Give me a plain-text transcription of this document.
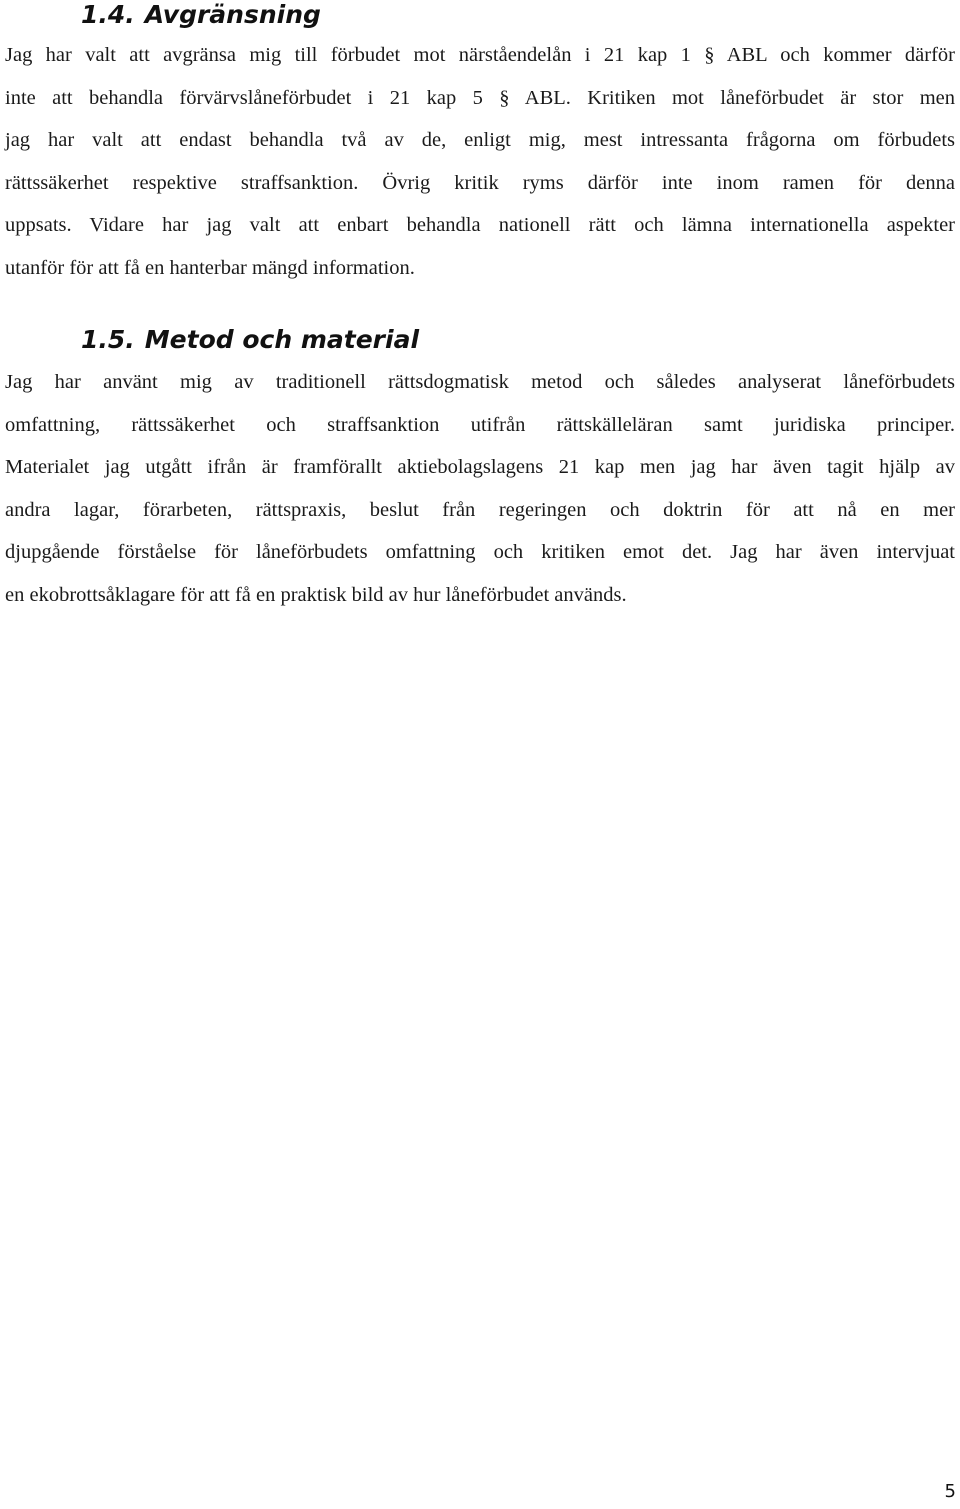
1.4. Avgränsning

Jag har valt att avgränsa mig till förbudet mot närståendelån i 21 kap 1 § ABL och kommer därför
inte att behandla förvärvslåneförbudet i 21 kap 5 § ABL. Kritiken mot låneförbudet är stor men
jag har valt att endast behandla två av de, enligt mig, mest intressanta frågorna om förbudets
rättssäkerhet respektive straffsanktion. Övrig kritik ryms därför inte inom ramen för denna
uppsats. Vidare har jag valt att enbart behandla nationell rätt och lämna internationella aspekter
utanför för att få en hanterbar mängd information.

1.5. Metod och material

Jag har använt mig av traditionell rättsdogmatisk metod och således analyserat låneförbudets
omfattning, rättssäkerhet och straffsanktion utifrån rättskälleläran samt juridiska principer.
Materialet jag utgått ifrån är framförallt aktiebolagslagens 21 kap men jag har även tagit hjälp av
andra lagar, förarbeten, rättspraxis, beslut från regeringen och doktrin för att nå en mer
djupgående förståelse för låneförbudets omfattning och kritiken emot det. Jag har även intervjuat
en ekobrottsåklagare för att få en praktisk bild av hur låneförbudet används.

5
